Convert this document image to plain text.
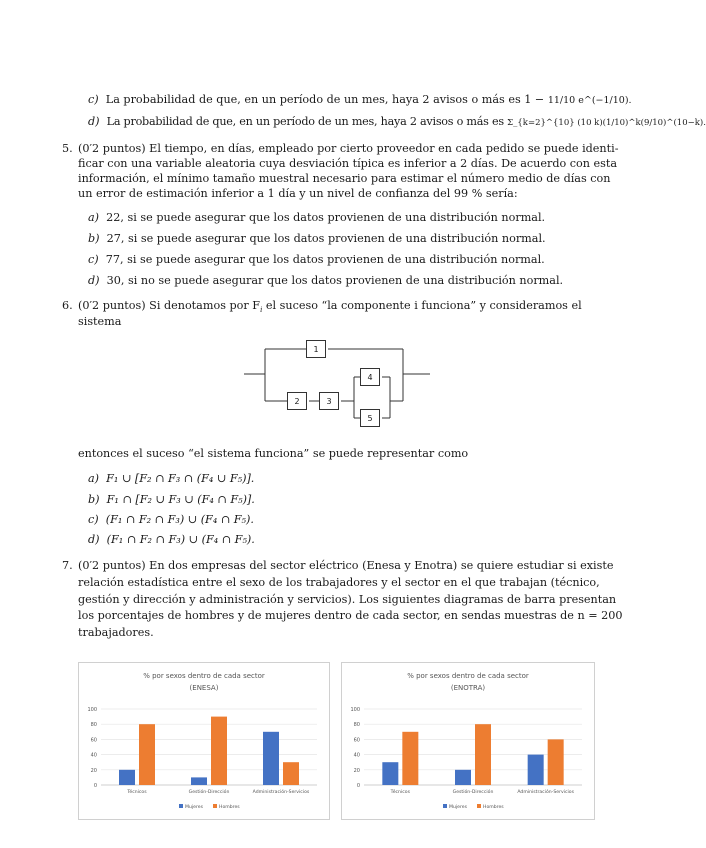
c) La probabilidad de que, en un período de un mes, haya 2 avisos o más es 1 − 11/10 e^(−1/10).
d) La probabilidad de que, en un período de un mes, haya 2 avisos o más es Σ_{k=2}^{10} (10 k)(1/10)^k(9/10)^(10−k).
5. (0′2 puntos) El tiempo, en días, empleado por cierto proveedor en cada pedido se puede identi-
ficar con una variable aleatoria cuya desviación típica es inferior a 2 días. De acuerdo con esta
información, el mínimo tamaño muestral necesario para estimar el número medio de días con
un error de estimación inferior a 1 día y un nivel de confianza del 99 % sería:
a) 22, si se puede asegurar que los datos provienen de una distribución normal.
b) 27, si se puede asegurar que los datos provienen de una distribución normal.
c) 77, si se puede asegurar que los datos provienen de una distribución normal.
d) 30, si no se puede asegurar que los datos provienen de una distribución normal.
6. (0′2 puntos) Si denotamos por $F_i$ el suceso “la componente i funciona” y consideramos el
sistema
1
2	3
4
5
entonces el suceso “el sistema funciona” se puede representar como
a) F₁ ∪ [F₂ ∩ F₃ ∩ (F₄ ∪ F₅)].
b) F₁ ∩ [F₂ ∪ F₃ ∪ (F₄ ∩ F₅)].
c) (F₁ ∩ F₂ ∩ F₃) ∪ (F₄ ∩ F₅).
d) (F₁ ∩ F₂ ∩ F₃) ∪ (F₄ ∩ F₅).
7. (0′2 puntos) En dos empresas del sector eléctrico (Enesa y Enotra) se quiere estudiar si existe
relación estadística entre el sexo de los trabajadores y el sector en el que trabajan (técnico,
gestión y dirección y administración y servicios). Los siguientes diagramas de barra presentan
los porcentajes de hombres y de mujeres dentro de cada sector, en sendas muestras de n = 200
trabajadores.
% por sexos dentro de cada sector
(ENESA)
0
20
40
60
80
100
Técnicos	Gestión-Dirección	Administración-Servicios
Mujeres	Hombres
% por sexos dentro de cada sector
(ENOTRA)
0
20
40
60
80
100
Técnicos	Gestión-Dirección	Administración-Servicios
Mujeres	Hombres
